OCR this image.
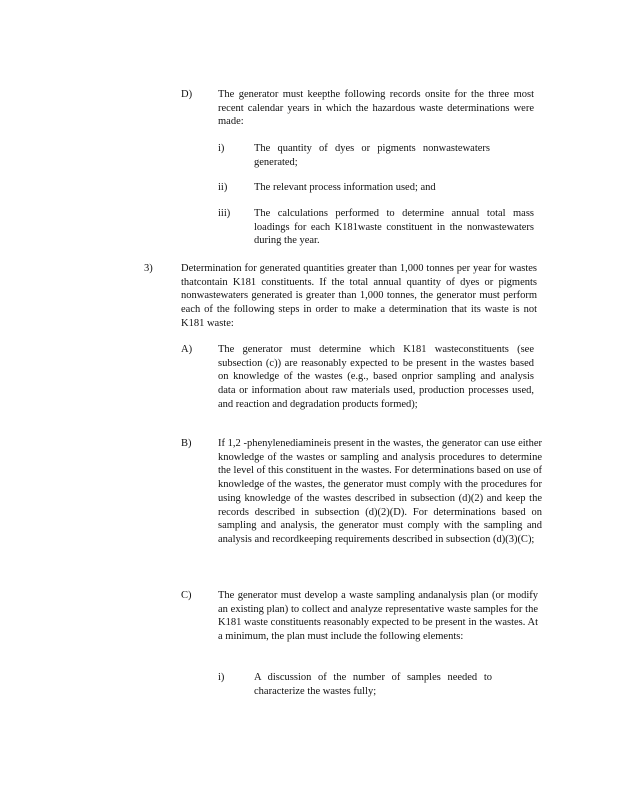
D) The generator must keepthe following records onsite for the three most recent calendar years in which the hazardous waste determinations were made:
i)	The quantity of dyes or pigments nonwastewaters generated;
ii)	The relevant process information used; and
iii) The calculations performed to determine annual total mass loadings for each K181waste constituent in the nonwastewaters during the year.
3)	Determination for generated quantities greater than 1,000 tonnes per year for wastes thatcontain K181 constituents. If the total annual quantity of dyes or pigments nonwastewaters generated is greater than 1,000 tonnes, the generator must perform each of the following steps in order to make a determination that its waste is not K181 waste:
A) The generator must determine which K181 wasteconstituents (see subsection (c)) are reasonably expected to be present in the wastes based on knowledge of the wastes (e.g., based onprior sampling and analysis data or information about raw materials used, production processes used, and reaction and degradation products formed);
B)	If 1,2 -phenylenediamineis present in the wastes, the generator can use either knowledge of the wastes or sampling and analysis procedures to determine the level of this constituent in the wastes. For determinations based on use of knowledge of the wastes, the generator must comply with the procedures for using knowledge of the wastes described in subsection (d)(2) and keep the records described in subsection (d)(2)(D). For determinations based on sampling and analysis, the generator must comply with the sampling and analysis and recordkeeping requirements described in subsection (d)(3)(C);
C)	The generator must develop a waste sampling andanalysis plan (or modify an existing plan) to collect and analyze representative waste samples for the K181 waste constituents reasonably expected to be present in the wastes. At a minimum, the plan must include the following elements:
i)	A discussion of the number of samples needed to characterize the wastes fully;
